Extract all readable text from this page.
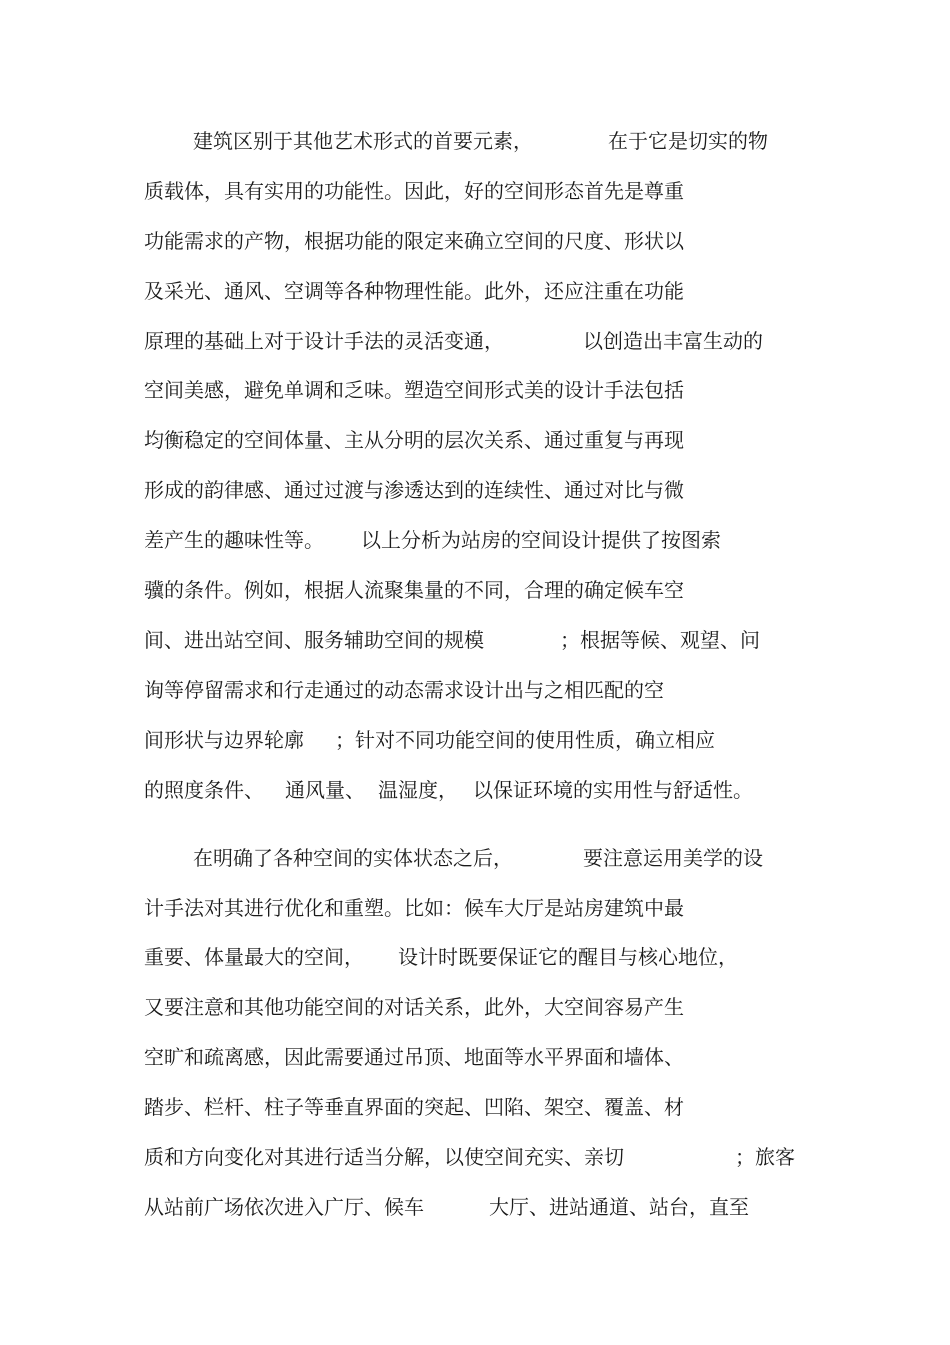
建筑区别于其他艺术形式的首要元素，

	在于它是切实的物

质载体，具有实用的功能性。因此，好的空间形态首先是尊重

功能需求的产物，根据功能的限定来确立空间的尺度、形状以

及采光、通风、空调等各种物理性能。此外，还应注重在功能

原理的基础上对于设计手法的灵活变通，

	以创造出丰富生动的

空间美感，避免单调和乏味。塑造空间形式美的设计手法包括

均衡稳定的空间体量、主从分明的层次关系、通过重复与再现

形成的韵律感、通过过渡与渗透达到的连续性、通过对比与微

差产生的趣味性等。

以上分析为站房的空间设计提供了按图索

骥的条件。例如，根据人流聚集量的不同，合理的确定候车空

间、进出站空间、服务辅助空间的规模

	；根据等候、观望、问

询等停留需求和行走通过的动态需求设计出与之相匹配的空

间形状与边界轮廓

；针对不同功能空间的使用性质，确立相应

的照度条件、

通风量、

温湿度，

以保证环境的实用性与舒适性。

在明确了各种空间的实体状态之后，

	要注意运用美学的设

计手法对其进行优化和重塑。比如：候车大厅是站房建筑中最

重要、体量最大的空间，

设计时既要保证它的醒目与核心地位，

又要注意和其他功能空间的对话关系，此外，大空间容易产生

空旷和疏离感，因此需要通过吊顶、地面等水平界面和墙体、

踏步、栏杆、柱子等垂直界面的突起、凹陷、架空、覆盖、材

质和方向变化对其进行适当分解，以使空间充实、亲切

	；旅客

从站前广场依次进入广厅、候车

	大厅、进站通道、站台，直至
